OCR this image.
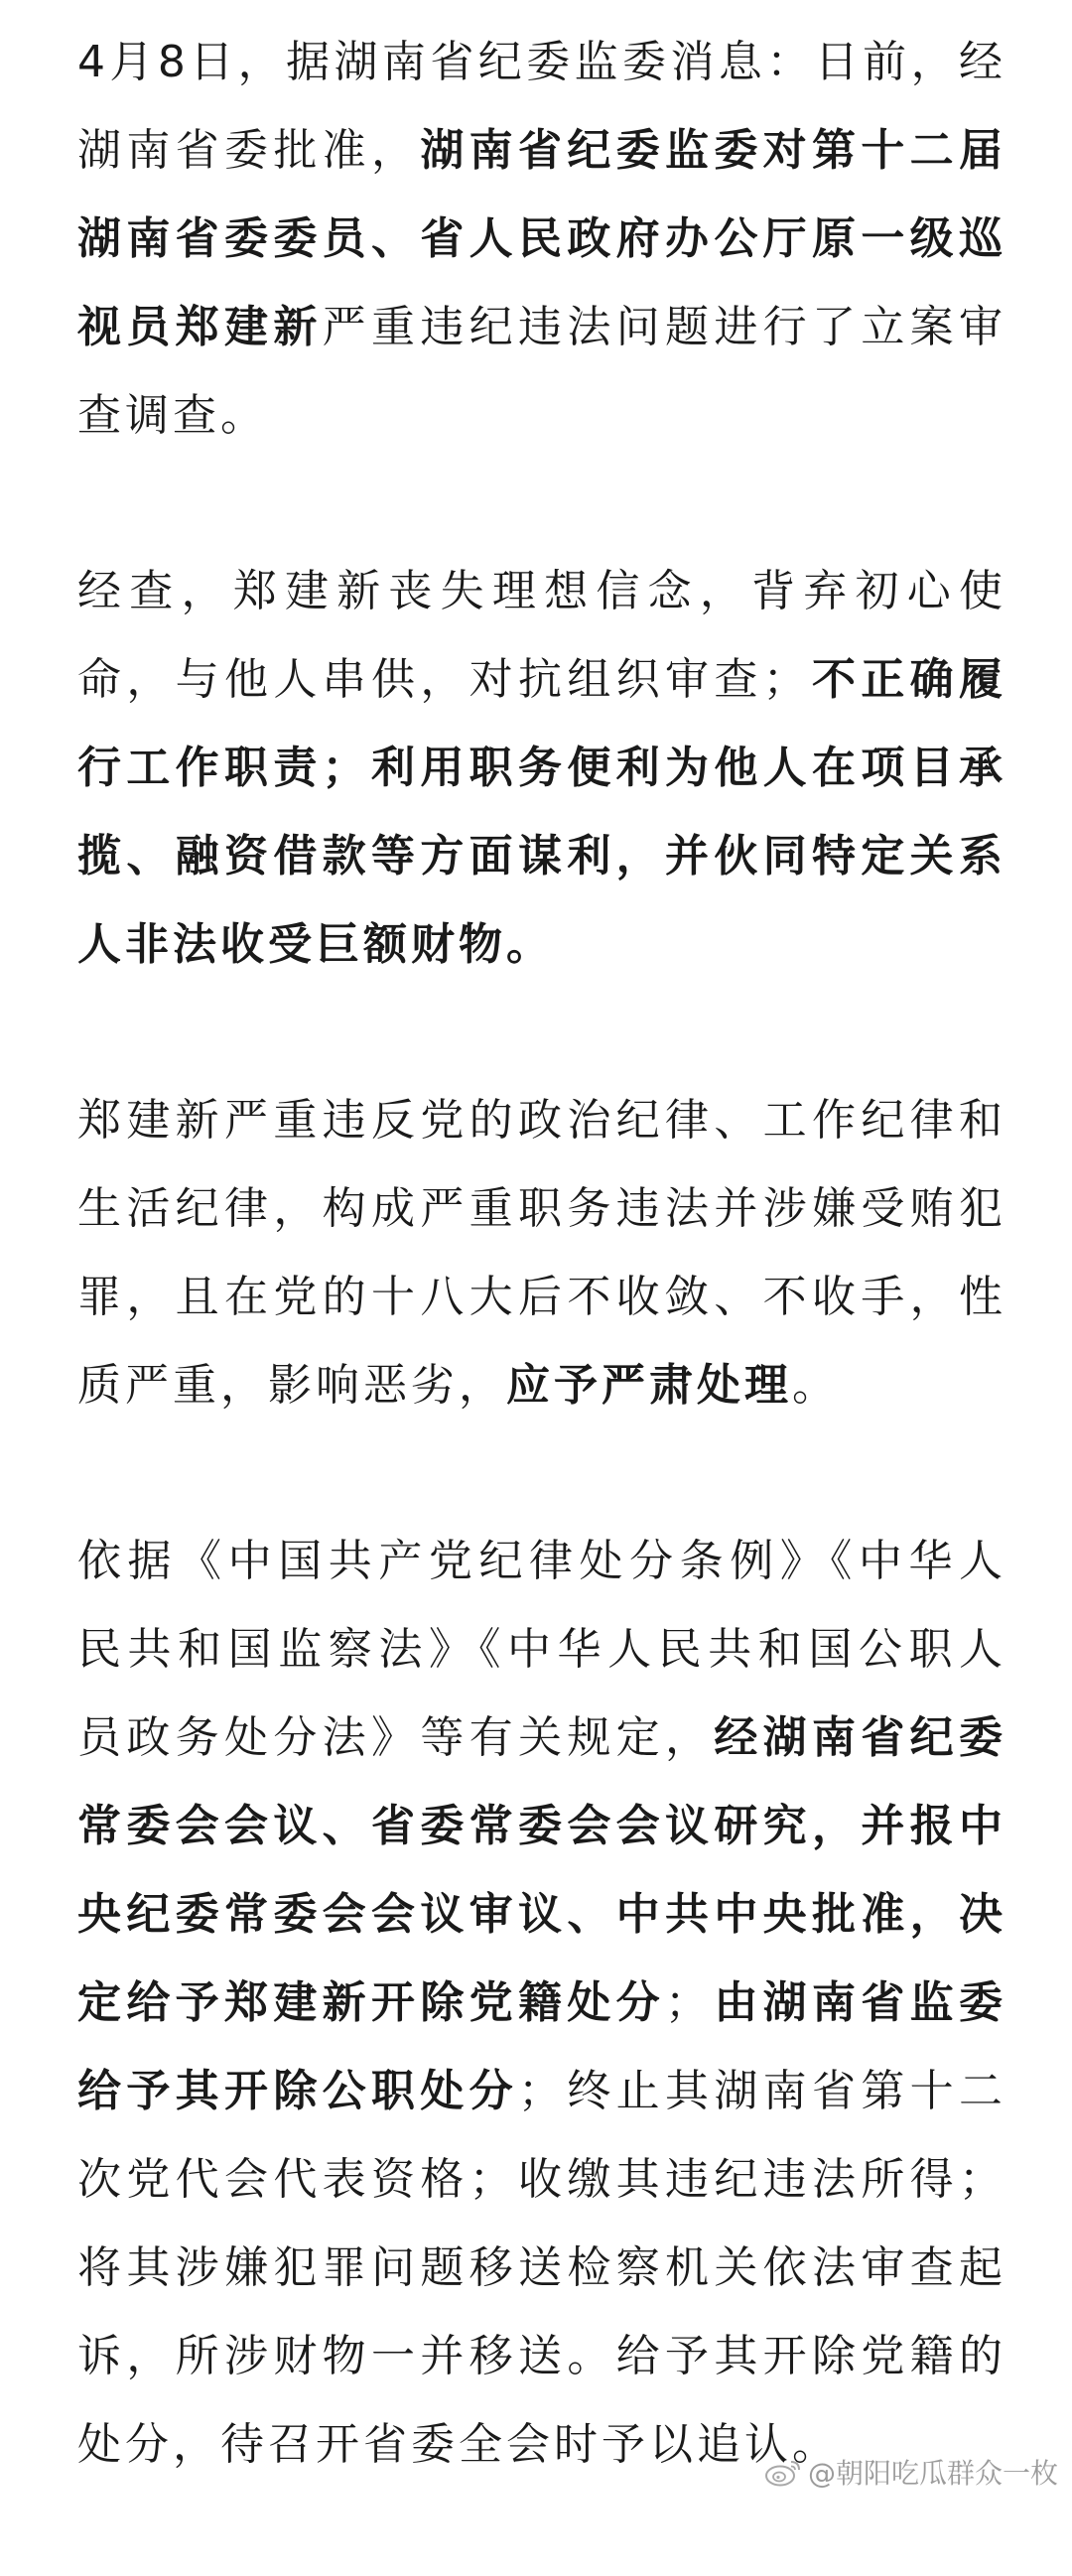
4月8日，据湖南省纪委监委消息：日前，经湖南省委批准，湖南省纪委监委对第十二届湖南省委委员、省人民政府办公厅原一级巡视员郑建新严重违纪违法问题进行了立案审查调查。

经查，郑建新丧失理想信念，背弃初心使命，与他人串供，对抗组织审查；不正确履行工作职责；利用职务便利为他人在项目承揽、融资借款等方面谋利，并伙同特定关系人非法收受巨额财物。

郑建新严重违反党的政治纪律、工作纪律和生活纪律，构成严重职务违法并涉嫌受贿犯罪，且在党的十八大后不收敛、不收手，性质严重，影响恶劣，应予严肃处理。

依据《中国共产党纪律处分条例》《中华人民共和国监察法》《中华人民共和国公职人员政务处分法》等有关规定，经湖南省纪委常委会会议、省委常委会会议研究，并报中央纪委常委会会议审议、中共中央批准，决定给予郑建新开除党籍处分；由湖南省监委给予其开除公职处分；终止其湖南省第十二次党代会代表资格；收缴其违纪违法所得；将其涉嫌犯罪问题移送检察机关依法审查起诉，所涉财物一并移送。给予其开除党籍的处分，待召开省委全会时予以追认。

@朝阳吃瓜群众一枚
